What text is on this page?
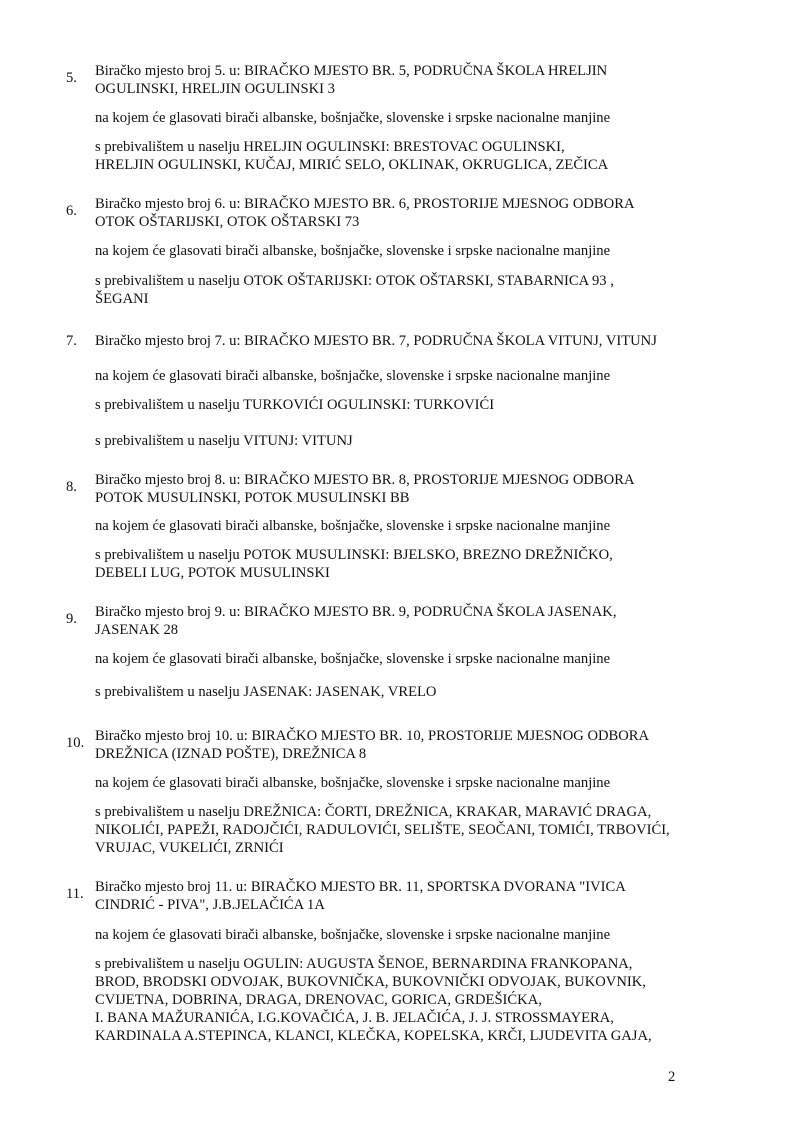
5.	Biračko mjesto broj 5. u: BIRAČKO MJESTO BR. 5, PODRUČNA ŠKOLA HRELJIN
OGULINSKI, HRELJIN OGULINSKI 3
na kojem će glasovati birači albanske, bošnjačke, slovenske i srpske nacionalne manjine
s prebivalištem u naselju HRELJIN OGULINSKI: BRESTOVAC OGULINSKI,
HRELJIN OGULINSKI, KUČAJ, MIRIĆ SELO, OKLINAK, OKRUGLICA, ZEČICA
6.	Biračko mjesto broj 6. u: BIRAČKO MJESTO BR. 6, PROSTORIJE MJESNOG ODBORA
OTOK OŠTARIJSKI, OTOK OŠTARSKI 73
na kojem će glasovati birači albanske, bošnjačke, slovenske i srpske nacionalne manjine
s prebivalištem u naselju OTOK OŠTARIJSKI: OTOK OŠTARSKI, STABARNICA 93 ,
ŠEGANI
7.	Biračko mjesto broj 7. u: BIRAČKO MJESTO BR. 7, PODRUČNA ŠKOLA VITUNJ, VITUNJ
na kojem će glasovati birači albanske, bošnjačke, slovenske i srpske nacionalne manjine
s prebivalištem u naselju TURKOVIĆI OGULINSKI: TURKOVIĆI
s prebivalištem u naselju VITUNJ: VITUNJ
8.	Biračko mjesto broj 8. u: BIRAČKO MJESTO BR. 8, PROSTORIJE MJESNOG ODBORA
POTOK MUSULINSKI, POTOK MUSULINSKI BB
na kojem će glasovati birači albanske, bošnjačke, slovenske i srpske nacionalne manjine
s prebivalištem u naselju POTOK MUSULINSKI: BJELSKO, BREZNO DREŽNIČKO,
DEBELI LUG, POTOK MUSULINSKI
9.	Biračko mjesto broj 9. u: BIRAČKO MJESTO BR. 9, PODRUČNA ŠKOLA JASENAK,
JASENAK 28
na kojem će glasovati birači albanske, bošnjačke, slovenske i srpske nacionalne manjine
s prebivalištem u naselju JASENAK: JASENAK, VRELO
10. Biračko mjesto broj 10. u: BIRAČKO MJESTO BR. 10, PROSTORIJE MJESNOG ODBORA
DREŽNICA (IZNAD POŠTE), DREŽNICA 8
na kojem će glasovati birači albanske, bošnjačke, slovenske i srpske nacionalne manjine
s prebivalištem u naselju DREŽNICA: ČORTI, DREŽNICA, KRAKAR, MARAVIĆ DRAGA,
NIKOLIĆI, PAPEŽI, RADOJČIĆI, RADULOVIĆI, SELIŠTE, SEOČANI, TOMIĆI, TRBOVIĆI,
VRUJAC, VUKELIĆI, ZRNIĆI
11. Biračko mjesto broj 11. u: BIRAČKO MJESTO BR. 11, SPORTSKA DVORANA "IVICA
CINDRIĆ - PIVA", J.B.JELAČIĆA 1A
na kojem će glasovati birači albanske, bošnjačke, slovenske i srpske nacionalne manjine
s prebivalištem u naselju OGULIN: AUGUSTA ŠENOE, BERNARDINA FRANKOPANA,
BROD, BRODSKI ODVOJAK, BUKOVNIČKA, BUKOVNIČKI ODVOJAK, BUKOVNIK,
CVIJETNA, DOBRINA, DRAGA, DRENOVAC, GORICA, GRDEŠIĆKA,
I. BANA MAŽURANIĆA, I.G.KOVAČIĆA, J. B. JELAČIĆA, J. J. STROSSMAYERA,
KARDINALA A.STEPINCA, KLANCI, KLEČKA, KOPELSKA, KRČI, LJUDEVITA GAJA,
2
